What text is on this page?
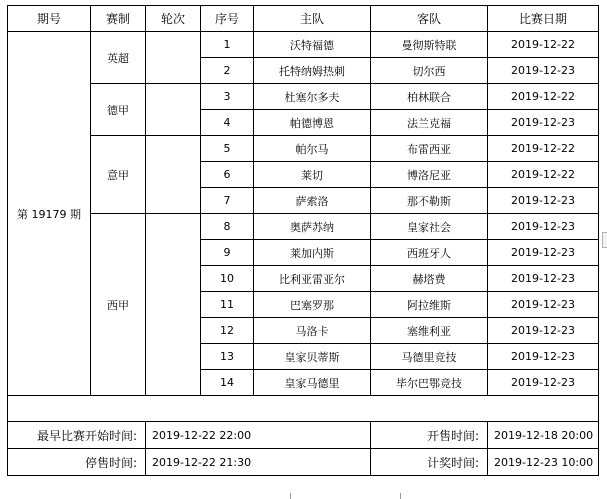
期号	赛制	轮次	序号	主队	客队	比赛日期
第 19179 期	英超		1	沃特福德	曼彻斯特联	2019-12-22
			2	托特纳姆热刺	切尔西	2019-12-23
	德甲		3	杜塞尔多夫	柏林联合	2019-12-22
			4	帕德博恩	法兰克福	2019-12-23
	意甲		5	帕尔马	布雷西亚	2019-12-22
			6	莱切	博洛尼亚	2019-12-22
			7	萨索洛	那不勒斯	2019-12-23
	西甲		8	奥萨苏纳	皇家社会	2019-12-23
			9	莱加内斯	西班牙人	2019-12-23
			10	比利亚雷亚尔	赫塔费	2019-12-23
			11	巴塞罗那	阿拉维斯	2019-12-23
			12	马洛卡	塞维利亚	2019-12-23
			13	皇家贝蒂斯	马德里竞技	2019-12-23
			14	皇家马德里	毕尔巴鄂竞技	2019-12-23

最早比赛开始时间:		2019-12-22 22:00			开售时间:	2019-12-18 20:00
停售时间:		2019-12-22 21:30			计奖时间:	2019-12-23 10:00
